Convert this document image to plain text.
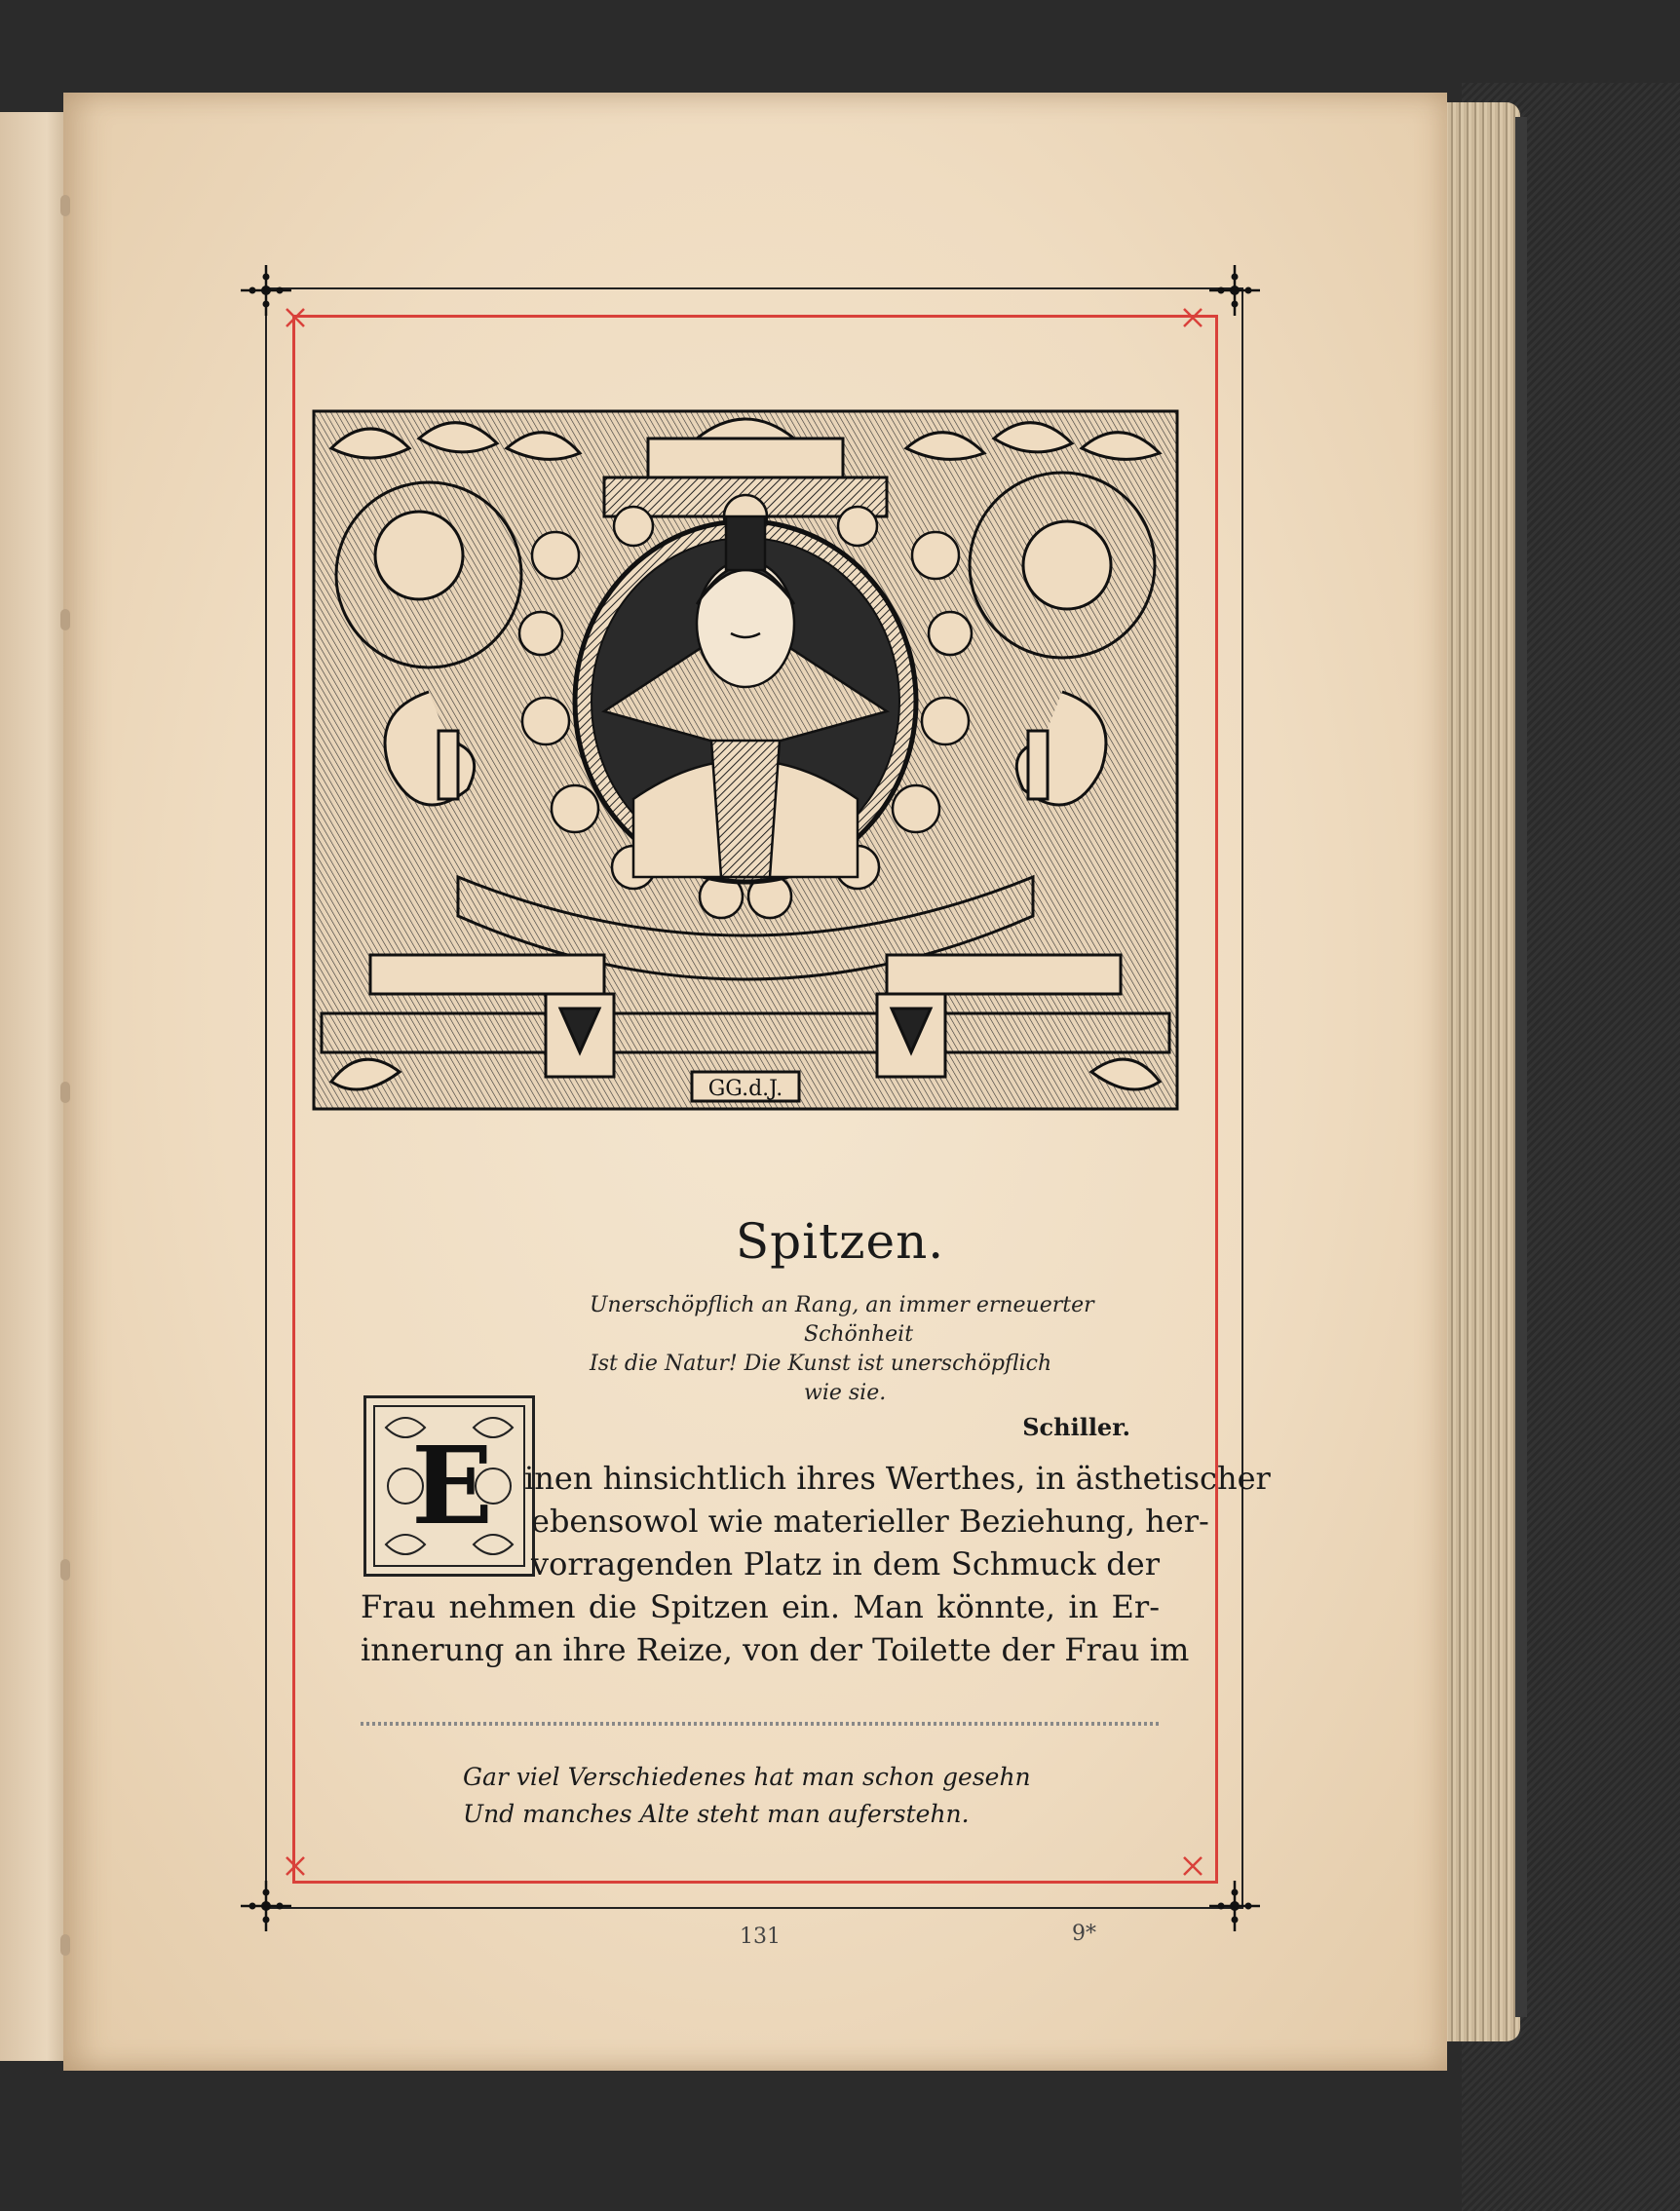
GG.d.J.
Spitzen.
Unerschöpflich an Rang, an immer erneuerter
Schönheit
Ist die Natur! Die Kunst ist unerschöpflich
wie sie.
Schiller.
E	inen hinsichtlich ihres Werthes, in ästhetischer
ebensowol wie materieller Beziehung, her-
vorragenden Platz in dem Schmuck der
Frau nehmen die Spitzen ein. Man könnte, in Er-
innerung an ihre Reize, von der Toilette der Frau im
Gar viel Verschiedenes hat man schon gesehn
Und manches Alte steht man auferstehn.
131	9*
